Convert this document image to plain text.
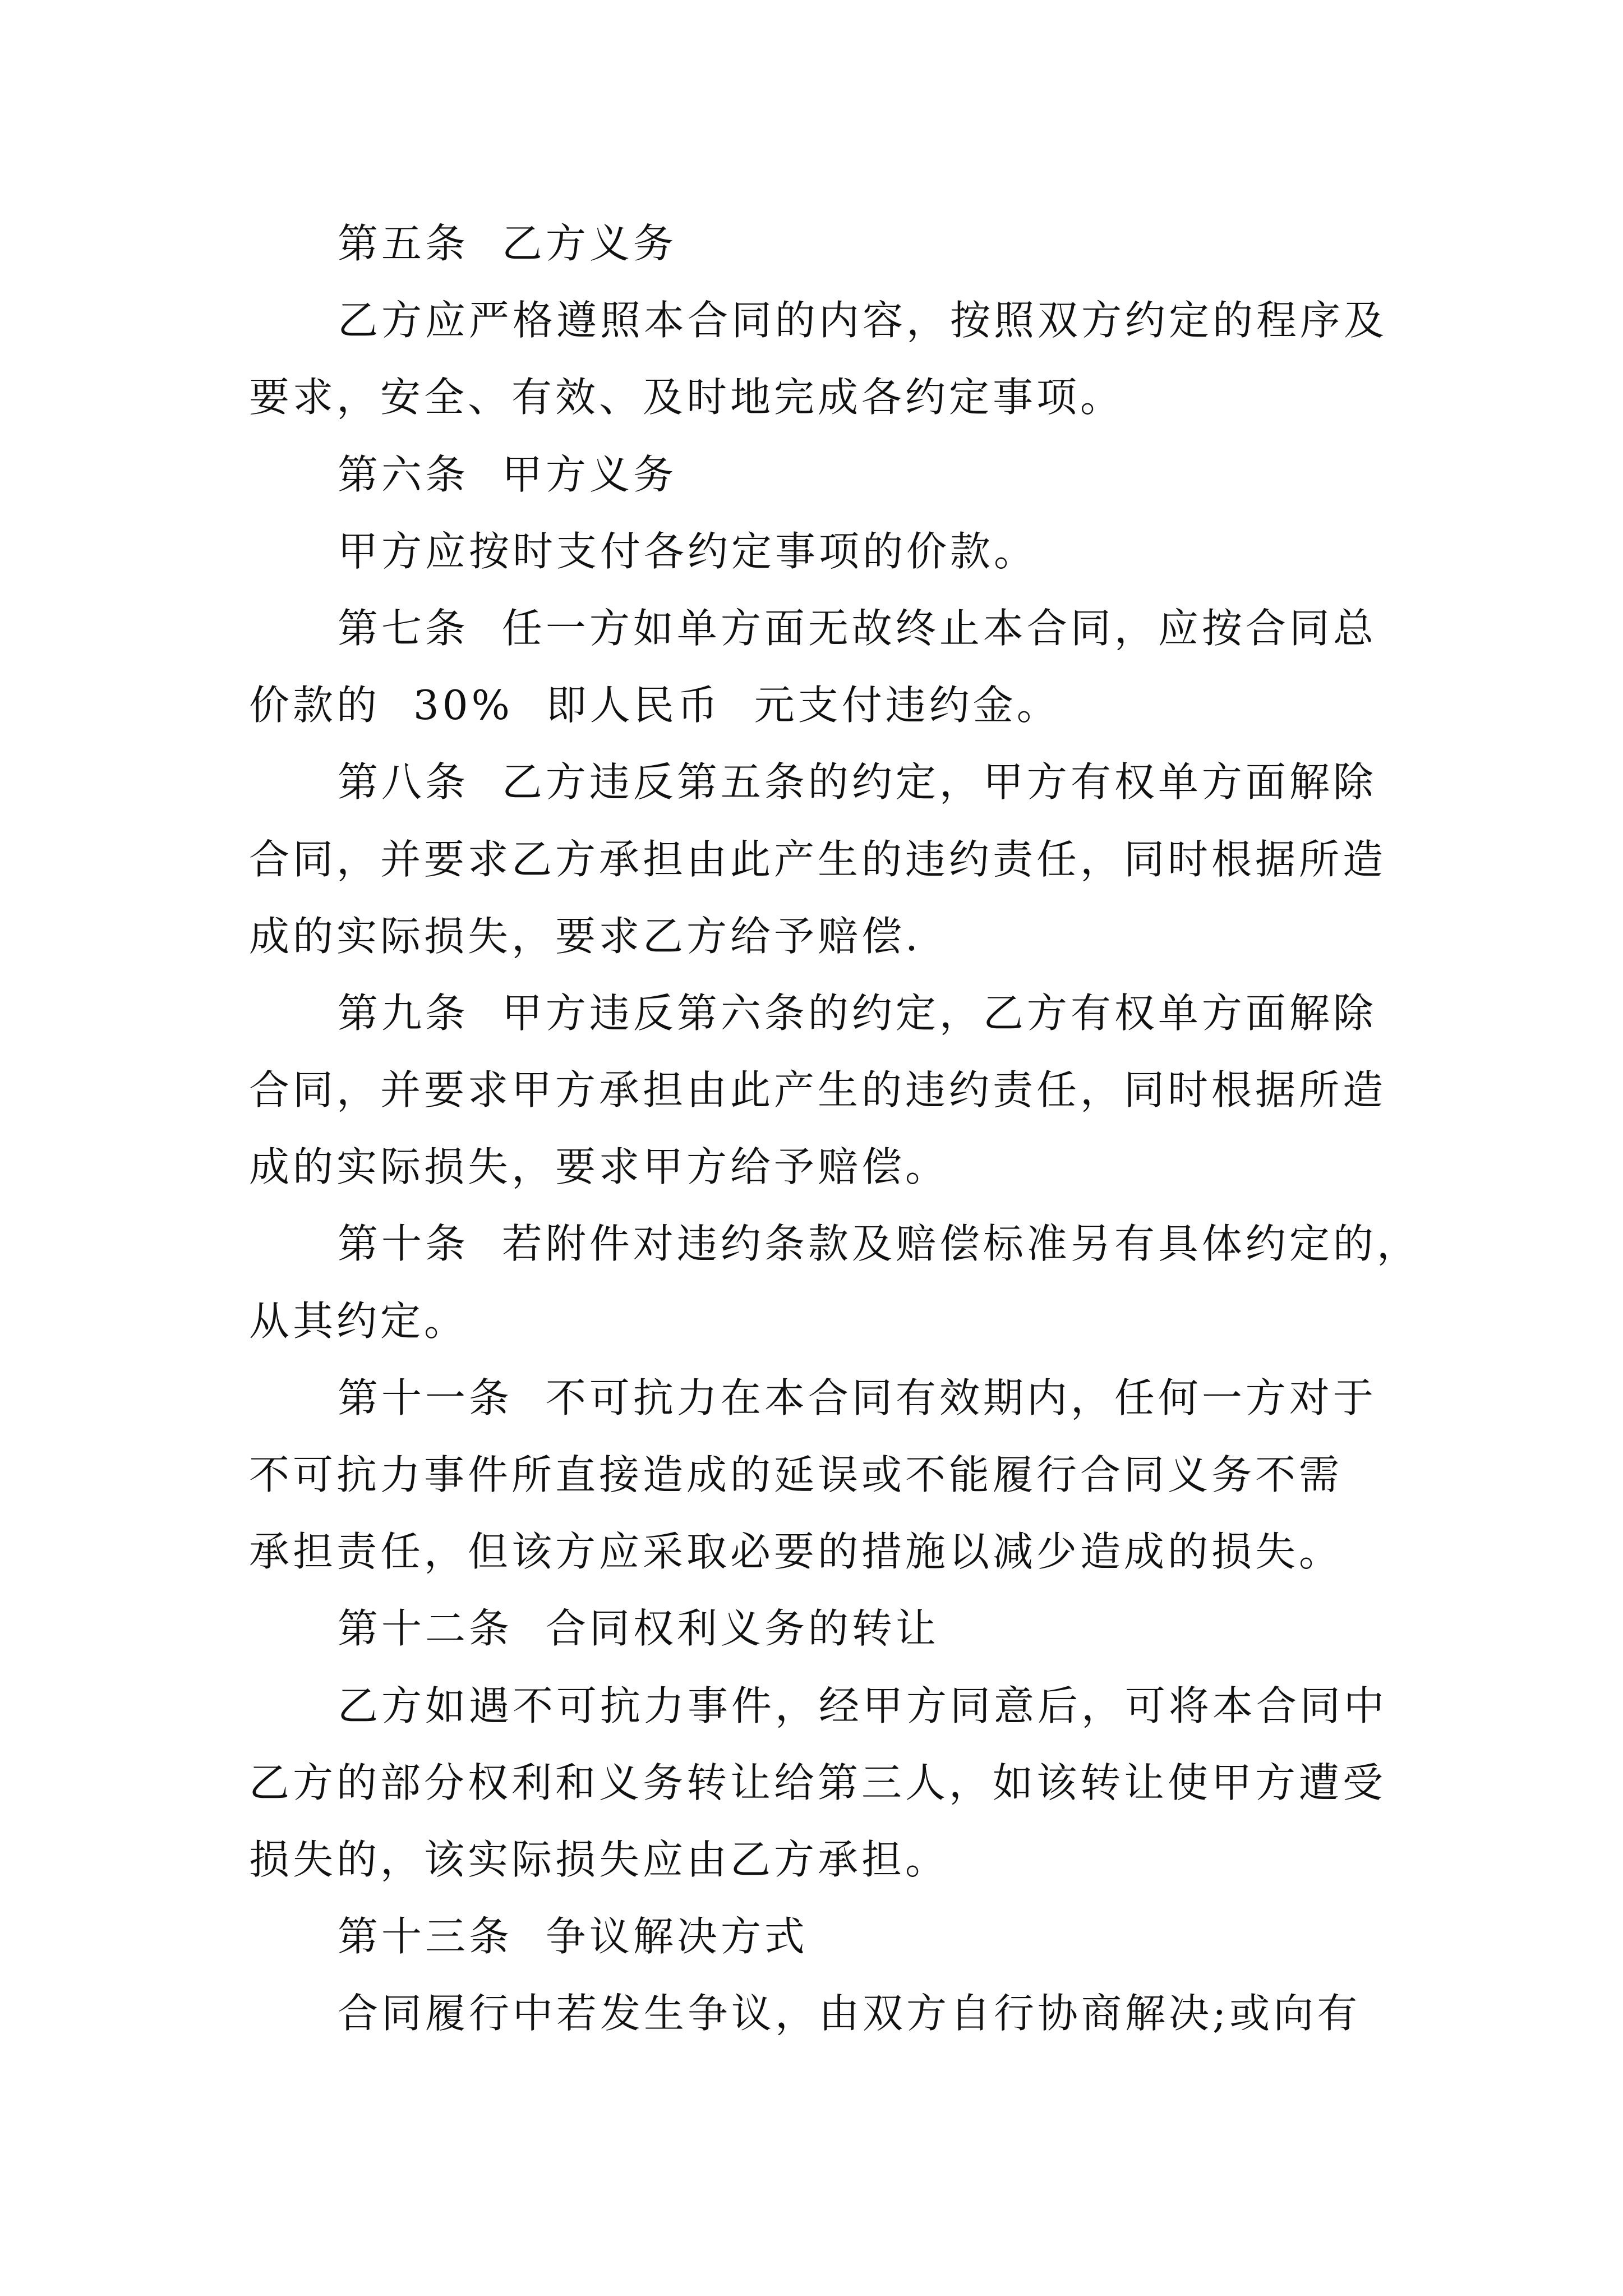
第五条 乙方义务
乙方应严格遵照本合同的内容，按照双方约定的程序及
要求，安全、有效、及时地完成各约定事项。
第六条 甲方义务
甲方应按时支付各约定事项的价款。
第七条 任一方如单方面无故终止本合同，应按合同总
价款的 30% 即人民币 元支付违约金。
第八条 乙方违反第五条的约定，甲方有权单方面解除
合同，并要求乙方承担由此产生的违约责任，同时根据所造
成的实际损失，要求乙方给予赔偿.
第九条 甲方违反第六条的约定，乙方有权单方面解除
合同，并要求甲方承担由此产生的违约责任，同时根据所造
成的实际损失，要求甲方给予赔偿。
第十条 若附件对违约条款及赔偿标准另有具体约定的，
从其约定。
第十一条 不可抗力在本合同有效期内，任何一方对于
不可抗力事件所直接造成的延误或不能履行合同义务不需
承担责任，但该方应采取必要的措施以减少造成的损失。
第十二条 合同权利义务的转让
乙方如遇不可抗力事件，经甲方同意后，可将本合同中
乙方的部分权利和义务转让给第三人，如该转让使甲方遭受
损失的，该实际损失应由乙方承担。
第十三条 争议解决方式
合同履行中若发生争议，由双方自行协商解决;或向有
